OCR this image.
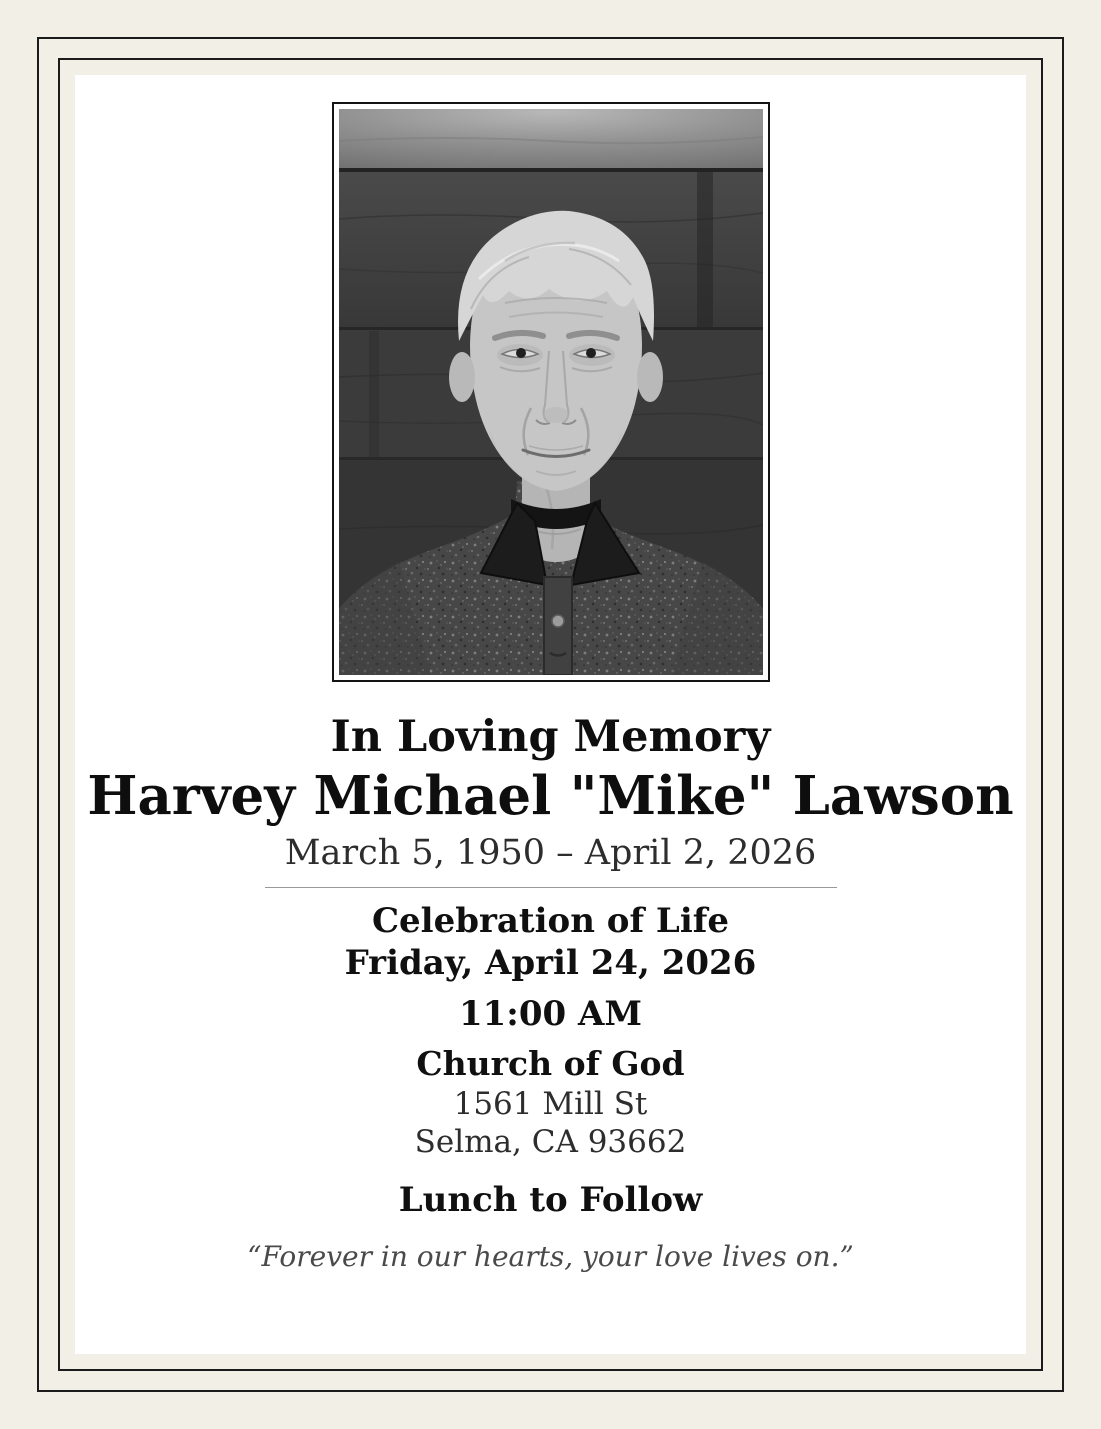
In Loving Memory
Harvey Michael "Mike" Lawson
March 5, 1950 – April 2, 2026
Celebration of Life
Friday, April 24, 2026
11:00 AM
Church of God
1561 Mill St
Selma, CA 93662
Lunch to Follow
“Forever in our hearts, your love lives on.”
